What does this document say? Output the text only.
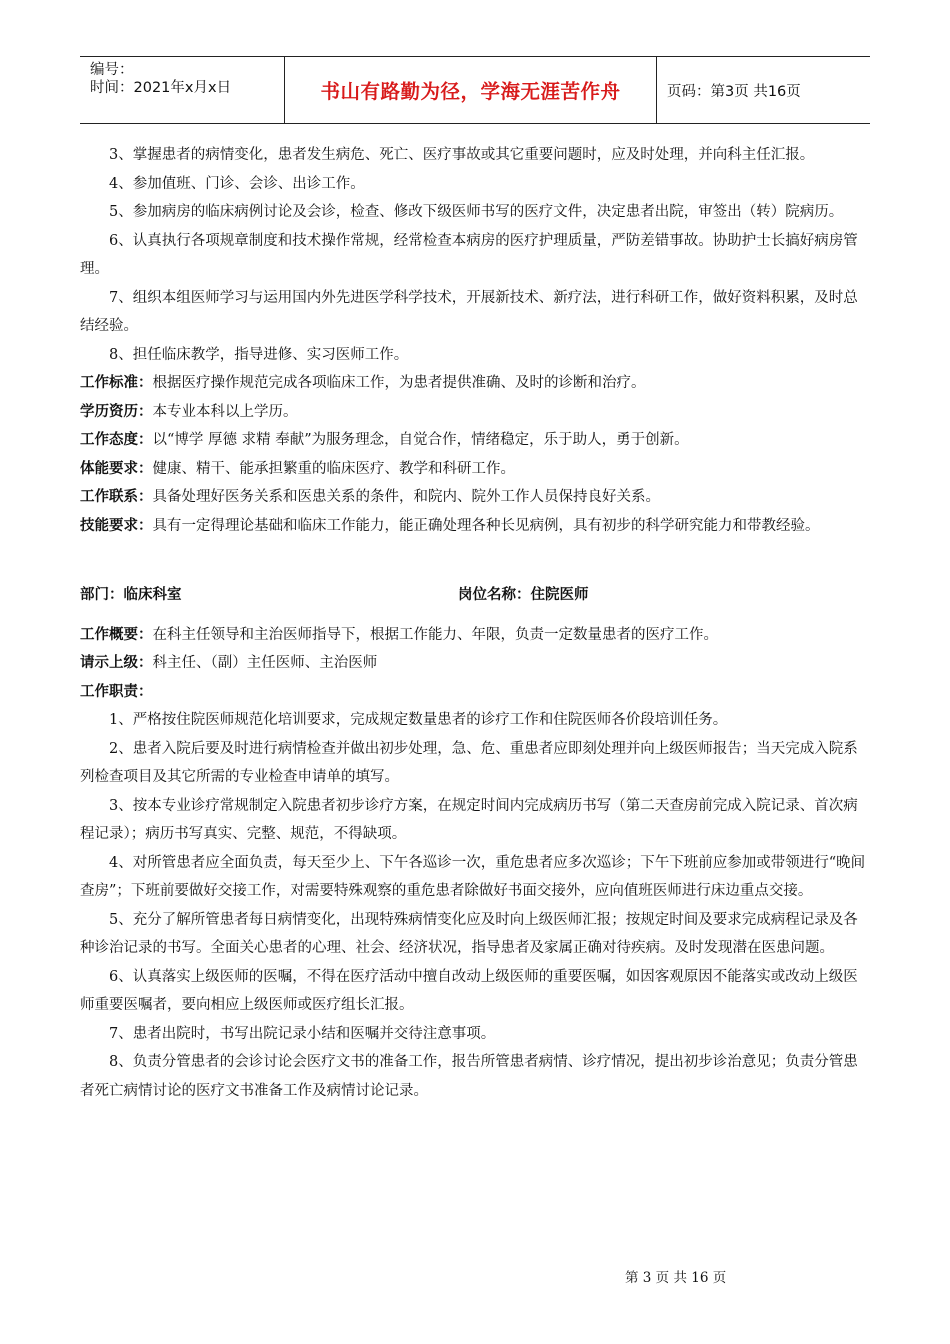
编号：
时间：2021年x月x日	书山有路勤为径，学海无涯苦作舟	页码：第3页 共16页

3、掌握患者的病情变化，患者发生病危、死亡、医疗事故或其它重要问题时，应及时处理，并向科主任汇报。

4、参加值班、门诊、会诊、出诊工作。

5、参加病房的临床病例讨论及会诊，检查、修改下级医师书写的医疗文件，决定患者出院，审签出（转）院病历。

6、认真执行各项规章制度和技术操作常规，经常检查本病房的医疗护理质量，严防差错事故。协助护士长搞好病房管理。

7、组织本组医师学习与运用国内外先进医学科学技术，开展新技术、新疗法，进行科研工作，做好资料积累，及时总结经验。

8、担任临床教学，指导进修、实习医师工作。

工作标准：根据医疗操作规范完成各项临床工作，为患者提供准确、及时的诊断和治疗。

学历资历：本专业本科以上学历。

工作态度：以“博学 厚德 求精 奉献”为服务理念，自觉合作，情绪稳定，乐于助人，勇于创新。

体能要求：健康、精干、能承担繁重的临床医疗、教学和科研工作。

工作联系：具备处理好医务关系和医患关系的条件，和院内、院外工作人员保持良好关系。

技能要求：具有一定得理论基础和临床工作能力，能正确处理各种长见病例，具有初步的科学研究能力和带教经验。

部门：临床科室	岗位名称：住院医师

工作概要：在科主任领导和主治医师指导下，根据工作能力、年限，负责一定数量患者的医疗工作。

请示上级：科主任、（副）主任医师、主治医师

工作职责：

1、严格按住院医师规范化培训要求，完成规定数量患者的诊疗工作和住院医师各价段培训任务。

2、患者入院后要及时进行病情检查并做出初步处理，急、危、重患者应即刻处理并向上级医师报告；当天完成入院系列检查项目及其它所需的专业检查申请单的填写。

3、按本专业诊疗常规制定入院患者初步诊疗方案，在规定时间内完成病历书写（第二天查房前完成入院记录、首次病程记录）；病历书写真实、完整、规范，不得缺项。

4、对所管患者应全面负责，每天至少上、下午各巡诊一次，重危患者应多次巡诊；下午下班前应参加或带领进行“晚间查房”；下班前要做好交接工作，对需要特殊观察的重危患者除做好书面交接外，应向值班医师进行床边重点交接。

5、充分了解所管患者每日病情变化，出现特殊病情变化应及时向上级医师汇报；按规定时间及要求完成病程记录及各种诊治记录的书写。全面关心患者的心理、社会、经济状况，指导患者及家属正确对待疾病。及时发现潜在医患问题。

6、认真落实上级医师的医嘱，不得在医疗活动中擅自改动上级医师的重要医嘱，如因客观原因不能落实或改动上级医师重要医嘱者，要向相应上级医师或医疗组长汇报。

7、患者出院时，书写出院记录小结和医嘱并交待注意事项。

8、负责分管患者的会诊讨论会医疗文书的准备工作，报告所管患者病情、诊疗情况，提出初步诊治意见；负责分管患者死亡病情讨论的医疗文书准备工作及病情讨论记录。

第 3 页 共 16 页
